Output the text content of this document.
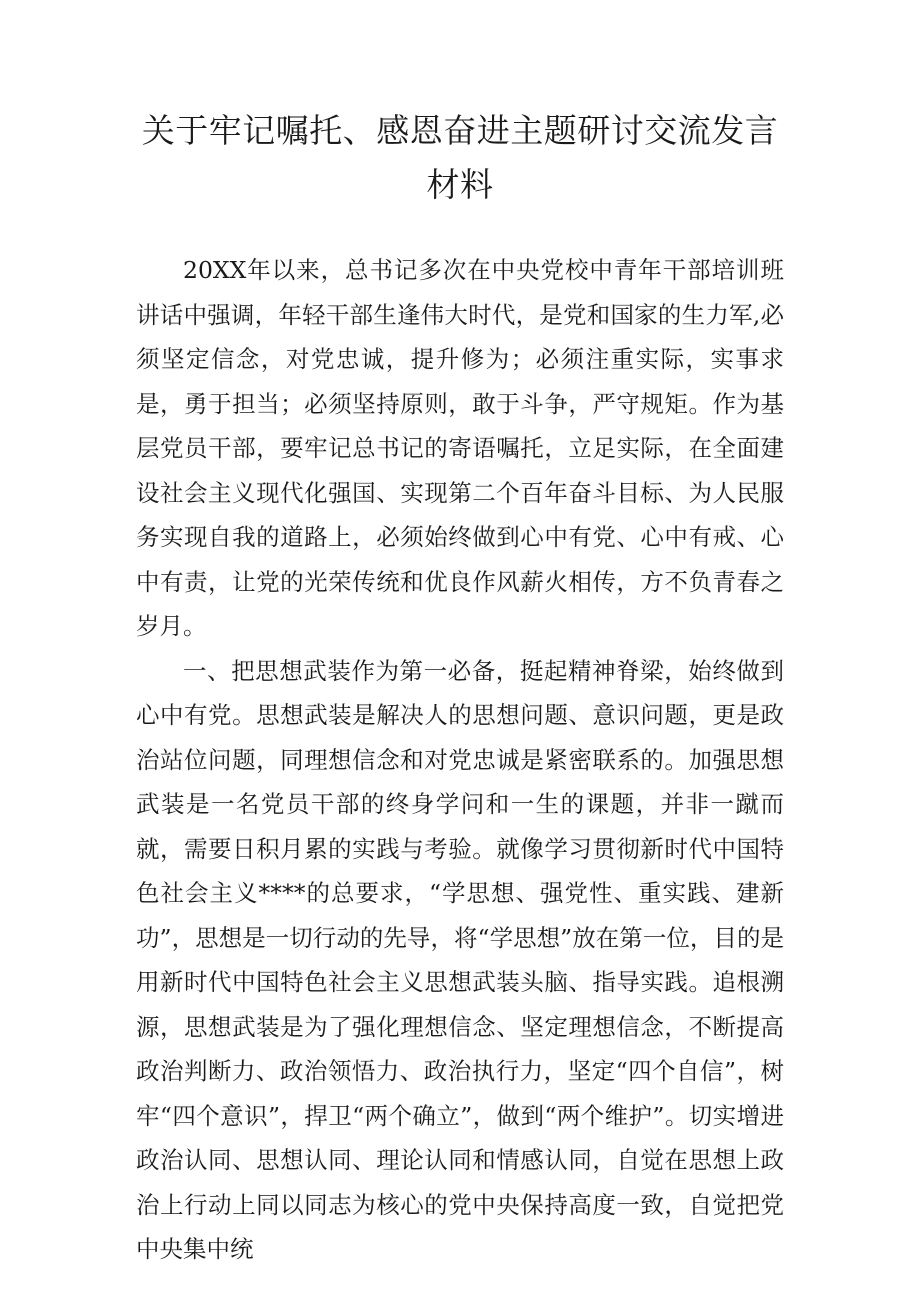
关于牢记嘱托、感恩奋进主题研讨交流发言材料

20XX年以来，总书记多次在中央党校中青年干部培训班讲话中强调，年轻干部生逢伟大时代，是党和国家的生力军,必须坚定信念，对党忠诚，提升修为；必须注重实际，实事求是，勇于担当；必须坚持原则，敢于斗争，严守规矩。作为基层党员干部，要牢记总书记的寄语嘱托，立足实际，在全面建设社会主义现代化强国、实现第二个百年奋斗目标、为人民服务实现自我的道路上，必须始终做到心中有党、心中有戒、心中有责，让党的光荣传统和优良作风薪火相传，方不负青春之岁月。

一、把思想武装作为第一必备，挺起精神脊梁，始终做到心中有党。思想武装是解决人的思想问题、意识问题，更是政治站位问题，同理想信念和对党忠诚是紧密联系的。加强思想武装是一名党员干部的终身学问和一生的课题，并非一蹴而就，需要日积月累的实践与考验。就像学习贯彻新时代中国特色社会主义****的总要求，“学思想、强党性、重实践、建新功”，思想是一切行动的先导，将“学思想”放在第一位，目的是用新时代中国特色社会主义思想武装头脑、指导实践。追根溯源，思想武装是为了强化理想信念、坚定理想信念，不断提高政治判断力、政治领悟力、政治执行力，坚定“四个自信”，树牢“四个意识”，捍卫“两个确立”，做到“两个维护”。切实增进政治认同、思想认同、理论认同和情感认同，自觉在思想上政治上行动上同以同志为核心的党中央保持高度一致，自觉把党中央集中统
